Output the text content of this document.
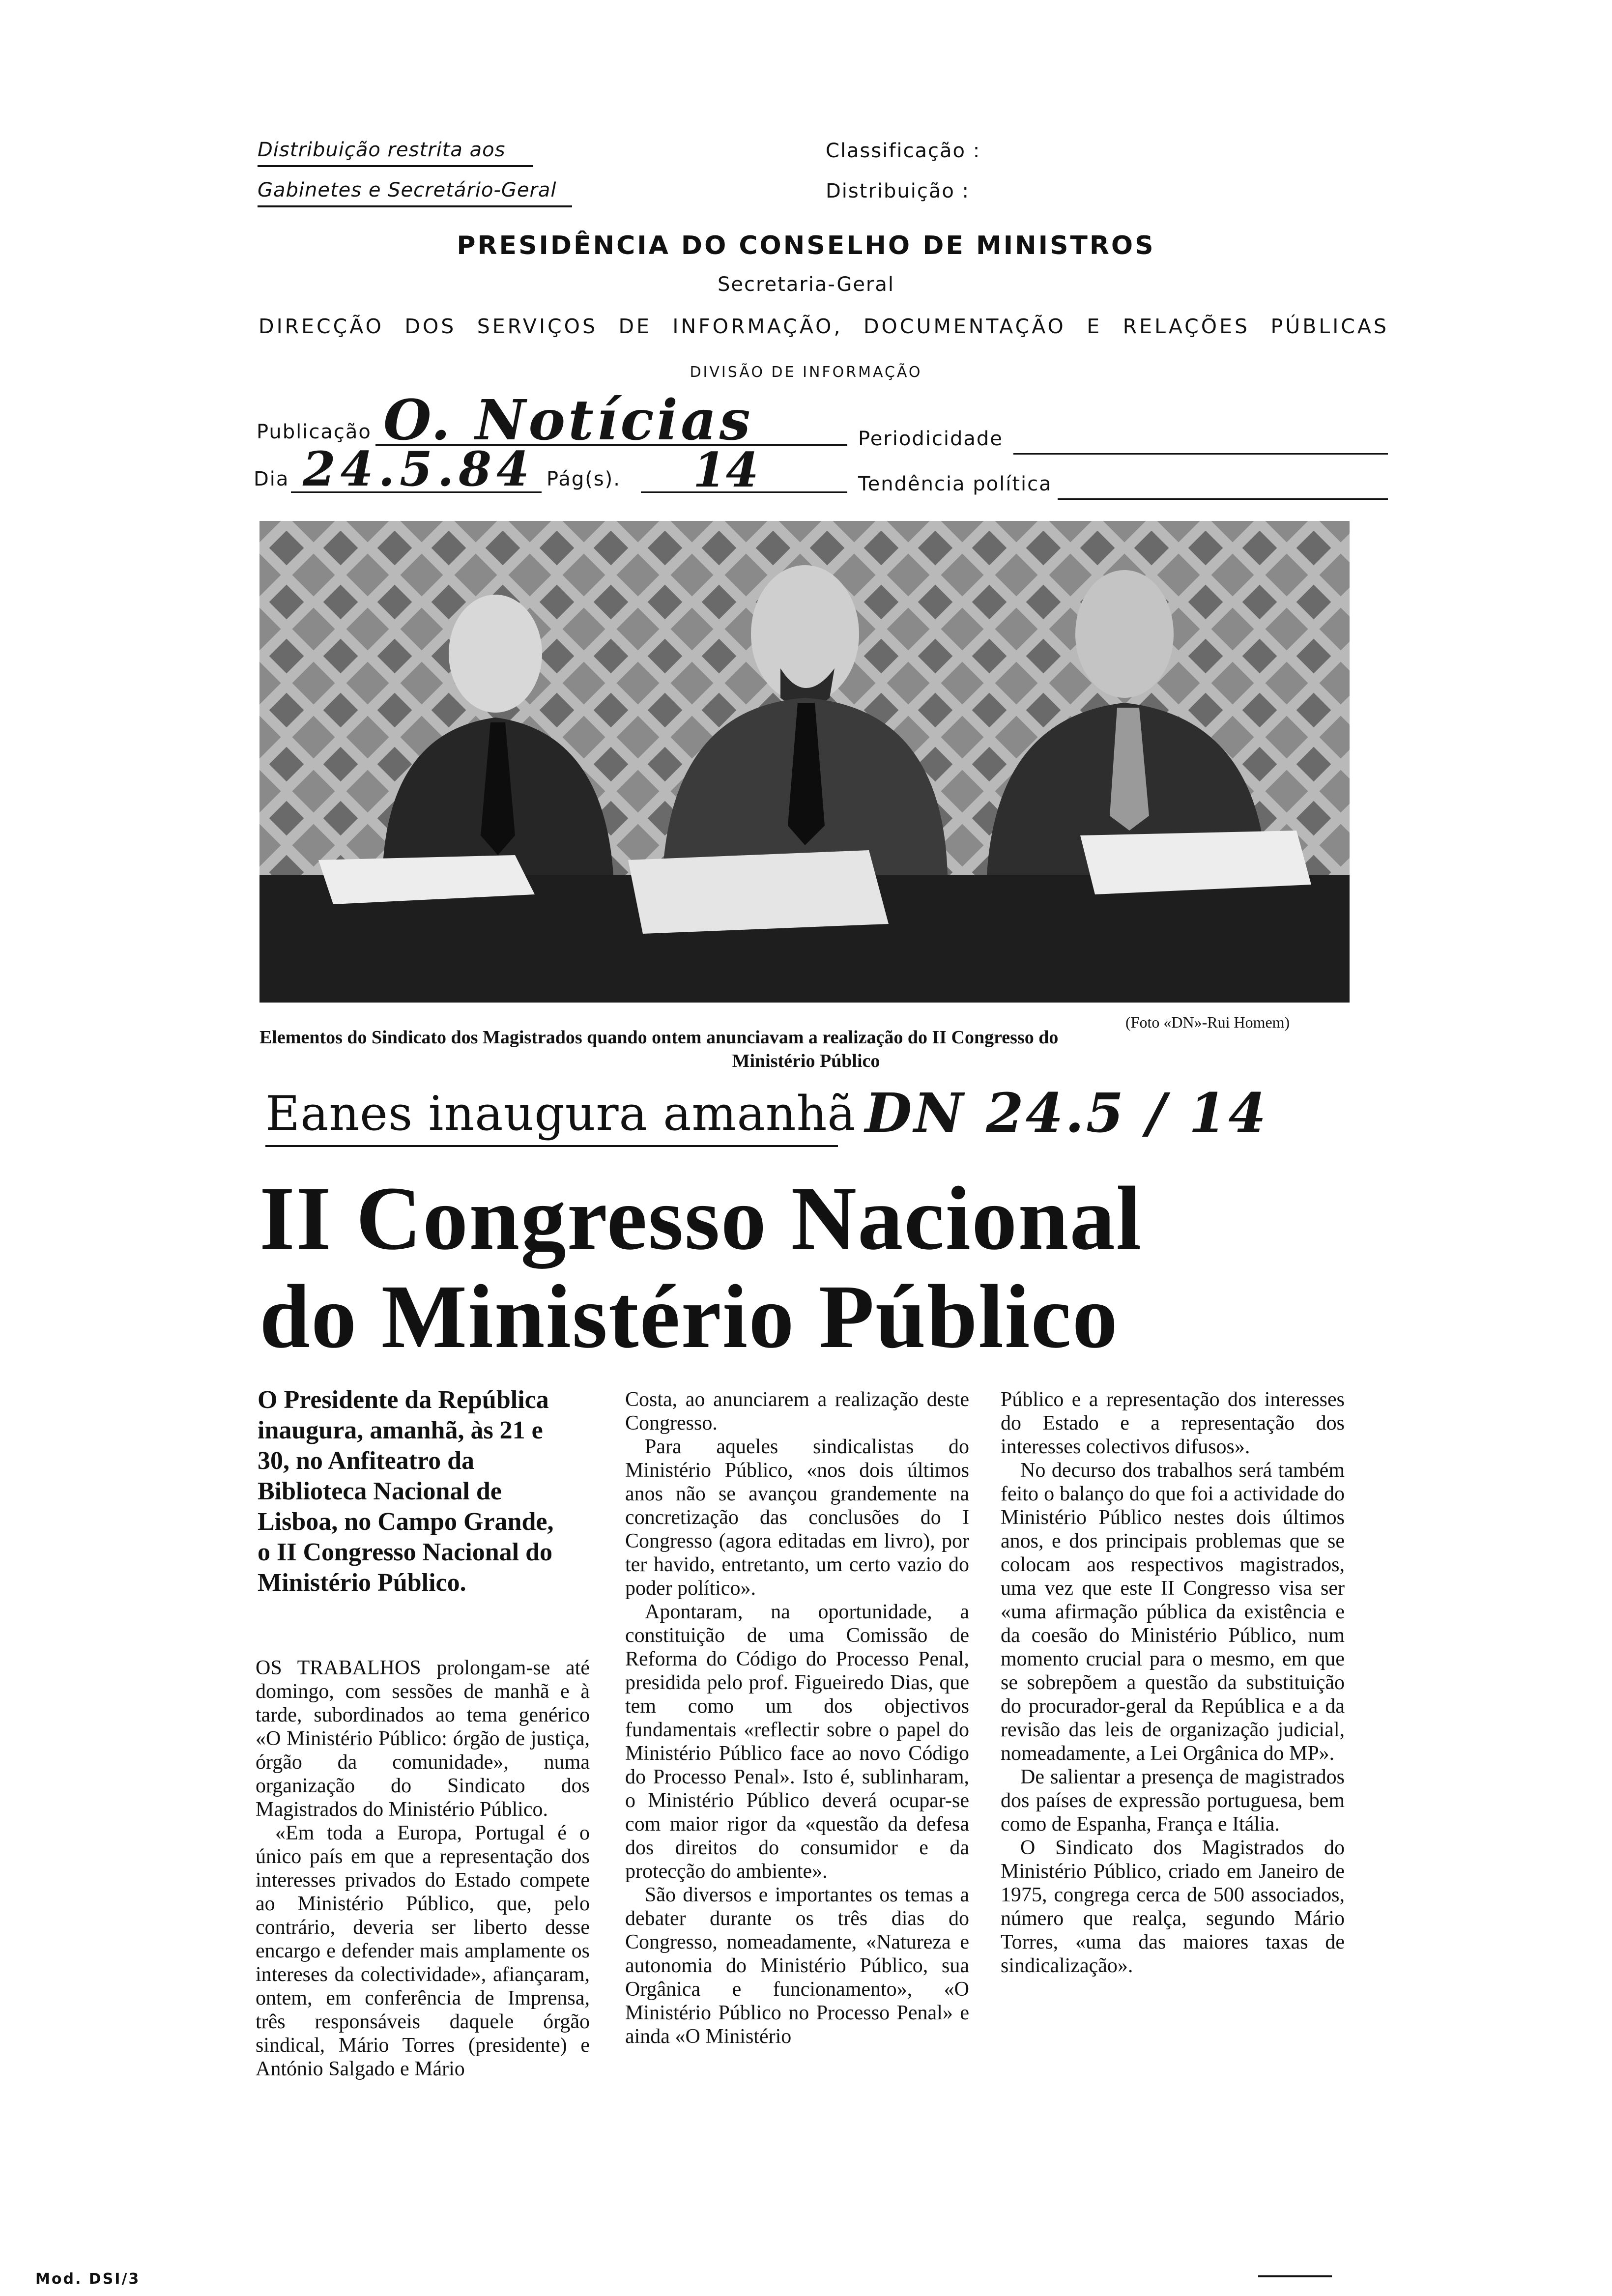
Distribuição restrita aos
Gabinetes e Secretário-Geral
Classificação :
Distribuição :
PRESIDÊNCIA DO CONSELHO DE MINISTROS
Secretaria-Geral
DIRECÇÃO DOS SERVIÇOS DE INFORMAÇÃO, DOCUMENTAÇÃO E RELAÇÕES PÚBLICAS
DIVISÃO DE INFORMAÇÃO
Publicação O. Notícias	Periodicidade
Dia 24.5.84 Pág(s). 14	Tendência política
(Foto «DN»-Rui Homem)
Elementos do Sindicato dos Magistrados quando ontem anunciavam a realização do II Congresso do
Ministério Público
Eanes inaugura amanhã DN 24.5 / 14
II Congresso Nacional
do Ministério Público
O Presidente da República inaugura, amanhã, às 21 e 30, no Anfiteatro da Biblioteca Nacional de Lisboa, no Campo Grande, o II Congresso Nacional do Ministério Público.

OS TRABALHOS prolongam-se até domingo, com sessões de manhã e à tarde, subordinados ao tema genérico «O Ministério Público: órgão de justiça, órgão da comunidade», numa organização do Sindicato dos Magistrados do Ministério Público.

«Em toda a Europa, Portugal é o único país em que a representação dos interesses privados do Estado compete ao Ministério Público, que, pelo contrário, deveria ser liberto desse encargo e defender mais amplamente os intereses da colectividade», afiançaram, ontem, em conferência de Imprensa, três responsáveis daquele órgão sindical, Mário Torres (presidente) e António Salgado e Mário

Costa, ao anunciarem a realização deste Congresso.

Para aqueles sindicalistas do Ministério Público, «nos dois últimos anos não se avançou grandemente na concretização das conclusões do I Congresso (agora editadas em livro), por ter havido, entretanto, um certo vazio do poder político».

Apontaram, na oportunidade, a constituição de uma Comissão de Reforma do Código do Processo Penal, presidida pelo prof. Figueiredo Dias, que tem como um dos objectivos fundamentais «reflectir sobre o papel do Ministério Público face ao novo Código do Processo Penal». Isto é, sublinharam, o Ministério Público deverá ocupar-se com maior rigor da «questão da defesa dos direitos do consumidor e da protecção do ambiente».

São diversos e importantes os temas a debater durante os três dias do Congresso, nomeadamente, «Natureza e autonomia do Ministério Público, sua Orgânica e funcionamento», «O Ministério Público no Processo Penal» e ainda «O Ministério

Público e a representação dos interesses do Estado e a representação dos interesses colectivos difusos».

No decurso dos trabalhos será também feito o balanço do que foi a actividade do Ministério Público nestes dois últimos anos, e dos principais problemas que se colocam aos respectivos magistrados, uma vez que este II Congresso visa ser «uma afirmação pública da existência e da coesão do Ministério Público, num momento crucial para o mesmo, em que se sobrepõem a questão da substituição do procurador-geral da República e a da revisão das leis de organização judicial, nomeadamente, a Lei Orgânica do MP».

De salientar a presença de magistrados dos países de expressão portuguesa, bem como de Espanha, França e Itália.

O Sindicato dos Magistrados do Ministério Público, criado em Janeiro de 1975, congrega cerca de 500 associados, número que realça, segundo Mário Torres, «uma das maiores taxas de sindicalização».

Mod. DSI/3
